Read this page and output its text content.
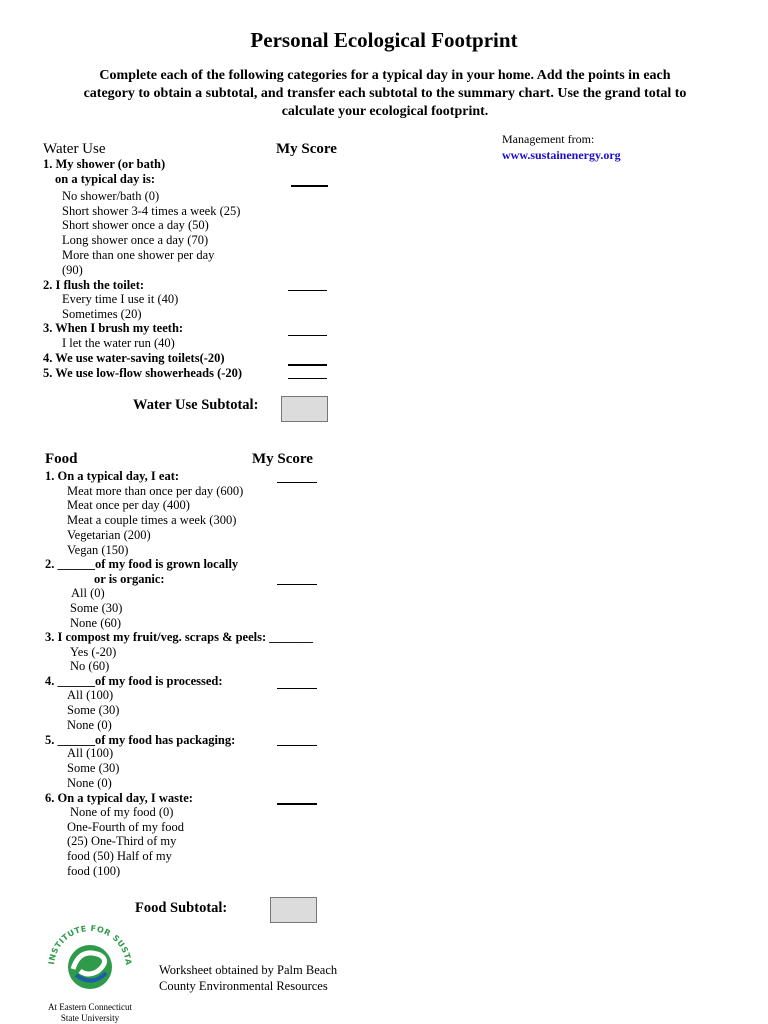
Personal Ecological Footprint
Complete each of the following categories for a typical day in your home. Add the points in each category to obtain a subtotal, and transfer each subtotal to the summary chart. Use the grand total to calculate your ecological footprint.
Management from:
www.sustainenergy.org
Water Use	My Score
1. My shower (or bath)
on a typical day is:
No shower/bath (0)
Short shower 3-4 times a week (25)
Short shower once a day (50)
Long shower once a day (70)
More than one shower per day
(90)
2. I flush the toilet:
Every time I use it (40)
Sometimes (20)
3. When I brush my teeth:
I let the water run (40)
4. We use water-saving toilets(-20)
5. We use low-flow showerheads (-20)
Water Use Subtotal:
Food	My Score
1. On a typical day, I eat:
Meat more than once per day (600)
Meat once per day (400)
Meat a couple times a week (300)
Vegetarian (200)
Vegan (150)
2. ______of my food is grown locally
or is organic:
All (0)
Some (30)
None (60)
3. I compost my fruit/veg. scraps & peels: _______
Yes (-20)
No (60)
4. ______of my food is processed:
All (100)
Some (30)
None (0)
5. ______of my food has packaging:
All (100)
Some (30)
None (0)
6. On a typical day, I waste:
None of my food (0)
One-Fourth of my food
(25) One-Third of my
food (50) Half of my
food (100)
Food Subtotal:
INSTITUTE FOR SUSTA
At Eastern Connecticut
State University
Worksheet obtained by Palm Beach
County Environmental Resources
